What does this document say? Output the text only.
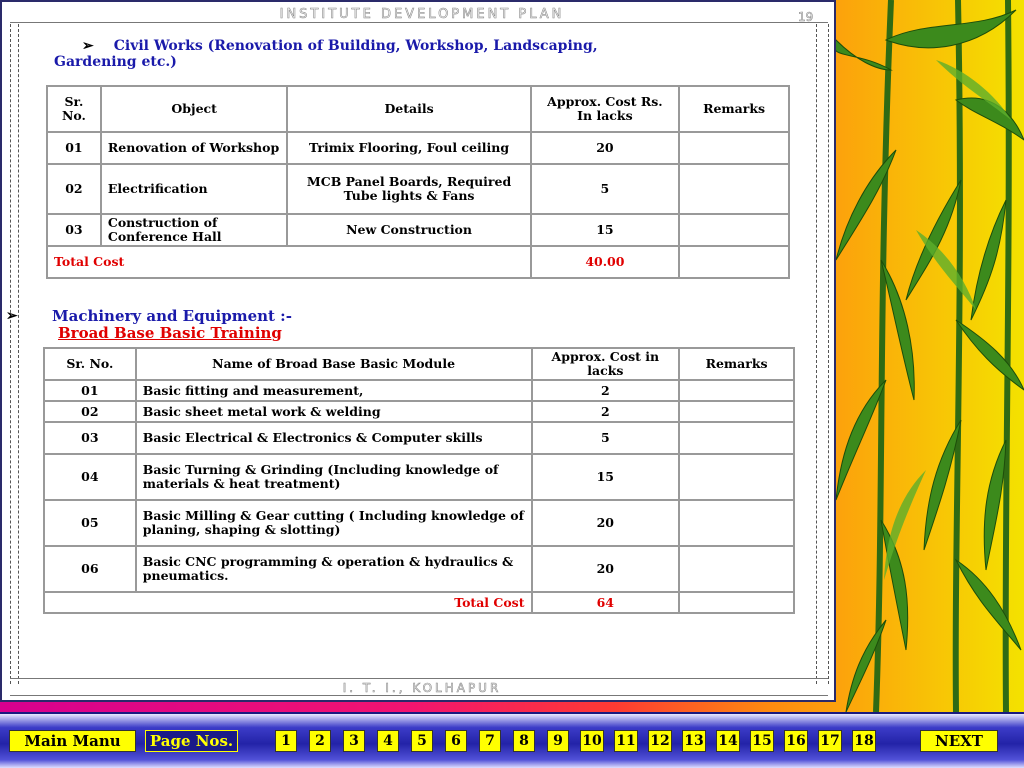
INSTITUTE DEVELOPMENT PLAN	19
➢ Civil Works (Renovation of Building, Workshop, Landscaping,
Gardening etc.)
Sr. No.	Object	Details	Approx. Cost Rs. In lacks	Remarks
01	Renovation of Workshop	Trimix Flooring, Foul ceiling	20	
02	Electrification	MCB Panel Boards, Required Tube lights & Fans	5	
03	Construction of Conference Hall	New Construction	15	
Total Cost			40.00	
➢ Machinery and Equipment :-
Broad Base Basic Training
Sr. No.	Name of Broad Base Basic Module	Approx. Cost in lacks	Remarks
01	Basic fitting and measurement,	2	
02	Basic sheet metal work & welding	2	
03	Basic Electrical & Electronics & Computer skills	5	
04	Basic Turning & Grinding (Including knowledge of materials & heat treatment)	15	
05	Basic Milling & Gear cutting ( Including knowledge of planing, shaping & slotting)	20	
06	Basic CNC programming & operation & hydraulics & pneumatics.	20	
Total Cost		64	
I. T. I., KOLHAPUR
Main Manu	Page Nos.	1	2	3	4	5	6	7	8	9	10 11 12 13 14 15 16 17 18	NEXT
